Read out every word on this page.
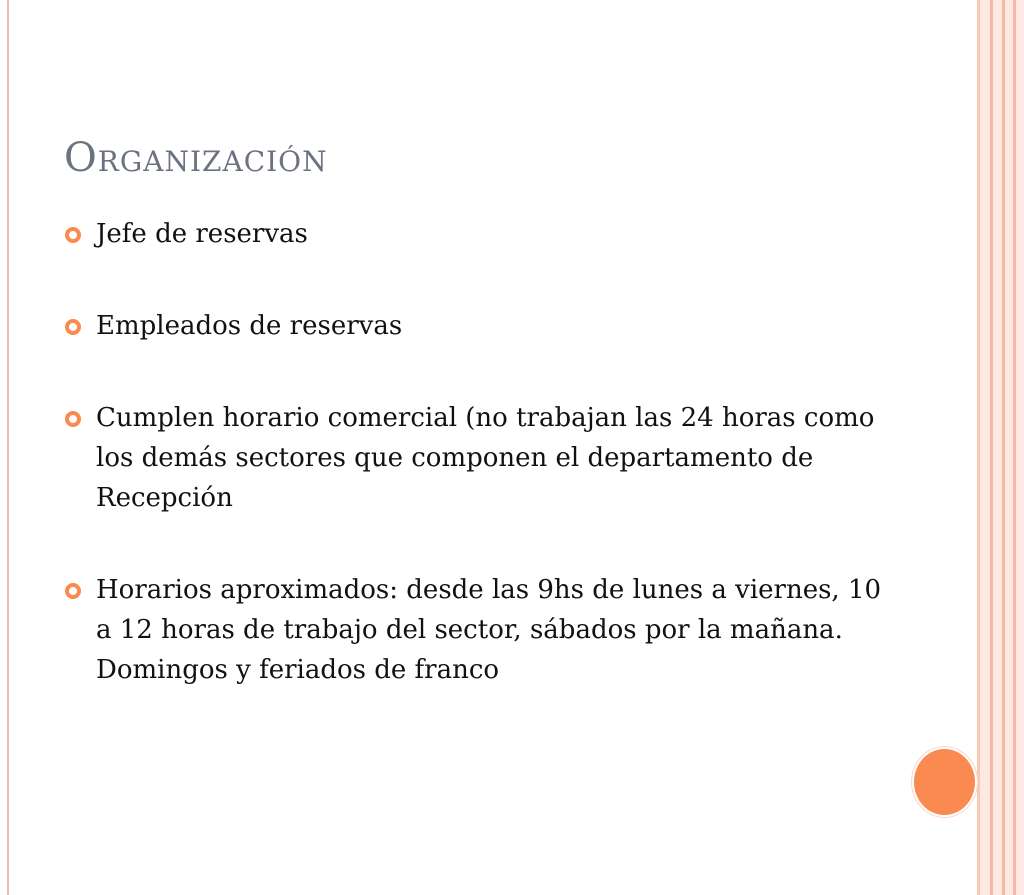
Organización
Jefe de reservas
Empleados de reservas
Cumplen horario comercial (no trabajan las 24 horas como los demás sectores que componen el departamento de Recepción
Horarios aproximados: desde las 9hs de lunes a viernes, 10 a 12 horas de trabajo del sector, sábados por la mañana. Domingos y feriados de franco
